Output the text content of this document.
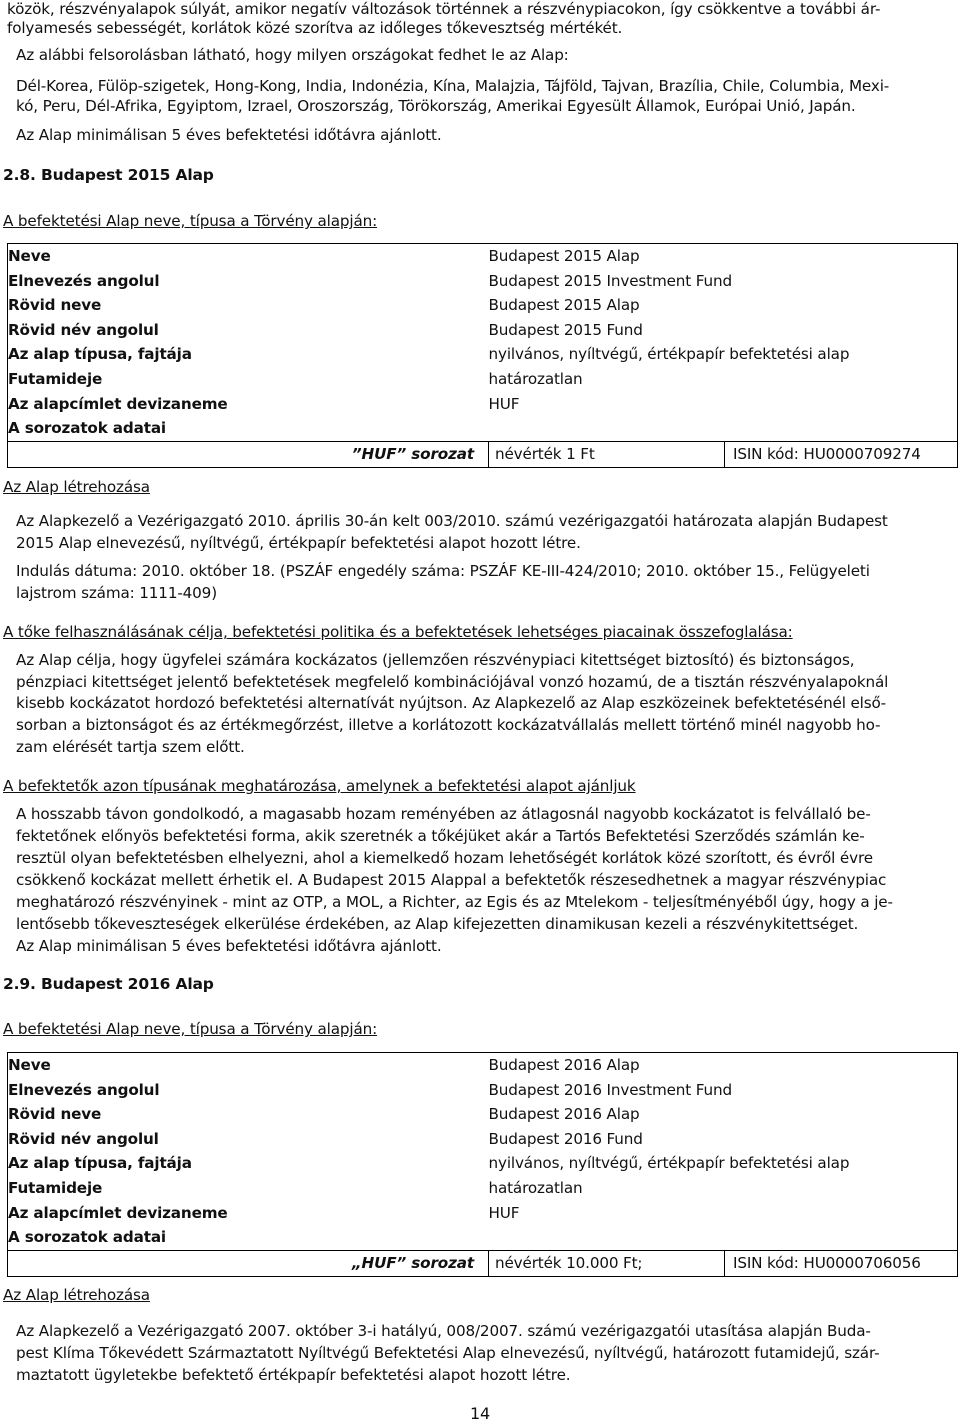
közök, részvényalapok súlyát, amikor negatív változások történnek a részvénypiacokon, így csökkentve a további ár-
folyamesés sebességét, korlátok közé szorítva az időleges tőkevesztség mértékét.
Az alábbi felsorolásban látható, hogy milyen országokat fedhet le az Alap:
Dél-Korea, Fülöp-szigetek, Hong-Kong, India, Indonézia, Kína, Malajzia, Tájföld, Tajvan, Brazília, Chile, Columbia, Mexi-
kó, Peru, Dél-Afrika, Egyiptom, Izrael, Oroszország, Törökország, Amerikai Egyesült Államok, Európai Unió, Japán.
Az Alap minimálisan 5 éves befektetési időtávra ajánlott.
2.8. Budapest 2015 Alap
A befektetési Alap neve, típusa a Törvény alapján:
Neve	Budapest 2015 Alap	
Elnevezés angolul	Budapest 2015 Investment Fund	
Rövid neve	Budapest 2015 Alap	
Rövid név angolul	Budapest 2015 Fund	
Az alap típusa, fajtája	nyilvános, nyíltvégű, értékpapír befektetési alap	
Futamideje	határozatlan	
Az alapcímlet devizaneme	HUF	
A sorozatok adatai		
”HUF” sorozat	névérték 1 Ft	ISIN kód: HU0000709274
Az Alap létrehozása
Az Alapkezelő a Vezérigazgató 2010. április 30-án kelt 003/2010. számú vezérigazgatói határozata alapján Budapest
2015 Alap elnevezésű, nyíltvégű, értékpapír befektetési alapot hozott létre.
Indulás dátuma: 2010. október 18. (PSZÁF engedély száma: PSZÁF KE-III-424/2010; 2010. október 15., Felügyeleti
lajstrom száma: 1111-409)
A tőke felhasználásának célja, befektetési politika és a befektetések lehetséges piacainak összefoglalása:
Az Alap célja, hogy ügyfelei számára kockázatos (jellemzően részvénypiaci kitettséget biztosító) és biztonságos,
pénzpiaci kitettséget jelentő befektetések megfelelő kombinációjával vonzó hozamú, de a tisztán részvényalapoknál
kisebb kockázatot hordozó befektetési alternatívát nyújtson. Az Alapkezelő az Alap eszközeinek befektetésénél első-
sorban a biztonságot és az értékmegőrzést, illetve a korlátozott kockázatvállalás mellett történő minél nagyobb ho-
zam elérését tartja szem előtt.
A befektetők azon típusának meghatározása, amelynek a befektetési alapot ajánljuk
A hosszabb távon gondolkodó, a magasabb hozam reményében az átlagosnál nagyobb kockázatot is felvállaló be-
fektetőnek előnyös befektetési forma, akik szeretnék a tőkéjüket akár a Tartós Befektetési Szerződés számlán ke-
resztül olyan befektetésben elhelyezni, ahol a kiemelkedő hozam lehetőségét korlátok közé szorított, és évről évre
csökkenő kockázat mellett érhetik el. A Budapest 2015 Alappal a befektetők részesedhetnek a magyar részvénypiac
meghatározó részvényinek - mint az OTP, a MOL, a Richter, az Egis és az Mtelekom - teljesítményéből úgy, hogy a je-
lentősebb tőkeveszteségek elkerülése érdekében, az Alap kifejezetten dinamikusan kezeli a részvénykitettséget.
Az Alap minimálisan 5 éves befektetési időtávra ajánlott.
2.9. Budapest 2016 Alap
A befektetési Alap neve, típusa a Törvény alapján:
Neve	Budapest 2016 Alap	
Elnevezés angolul	Budapest 2016 Investment Fund	
Rövid neve	Budapest 2016 Alap	
Rövid név angolul	Budapest 2016 Fund	
Az alap típusa, fajtája	nyilvános, nyíltvégű, értékpapír befektetési alap	
Futamideje	határozatlan	
Az alapcímlet devizaneme	HUF	
A sorozatok adatai		
„HUF” sorozat	névérték 10.000 Ft;	ISIN kód: HU0000706056
Az Alap létrehozása
Az Alapkezelő a Vezérigazgató 2007. október 3-i hatályú, 008/2007. számú vezérigazgatói utasítása alapján Buda-
pest Klíma Tőkevédett Származtatott Nyíltvégű Befektetési Alap elnevezésű, nyíltvégű, határozott futamidejű, szár-
maztatott ügyletekbe befektető értékpapír befektetési alapot hozott létre.
14
